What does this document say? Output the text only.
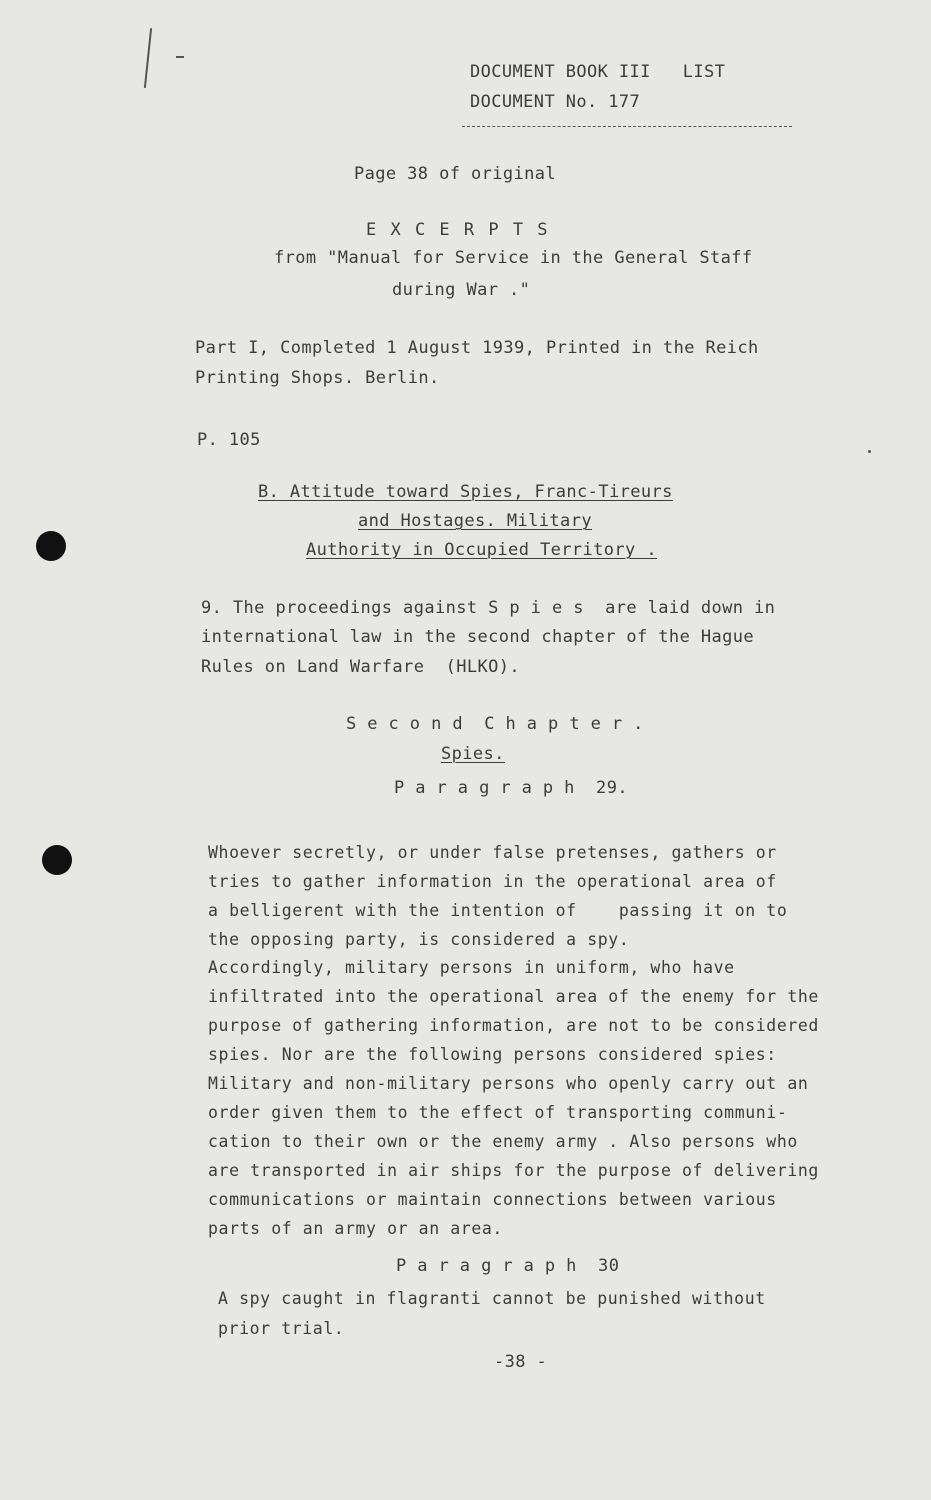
DOCUMENT BOOK III   LIST
DOCUMENT No. 177
Page 38 of original
E X C E R P T S
from "Manual for Service in the General Staff
during War ."
Part I, Completed 1 August 1939, Printed in the Reich
Printing Shops. Berlin.
P. 105
B. Attitude toward Spies, Franc-Tireurs
and Hostages. Military
Authority in Occupied Territory .
9. The proceedings against S p i e s  are laid down in
international law in the second chapter of the Hague
Rules on Land Warfare  (HLKO).
S e c o n d  C h a p t e r .
Spies.
P a r a g r a p h  29.
Whoever secretly, or under false pretenses, gathers or
tries to gather information in the operational area of
a belligerent with the intention of    passing it on to
the opposing party, is considered a spy.
Accordingly, military persons in uniform, who have
infiltrated into the operational area of the enemy for the
purpose of gathering information, are not to be considered
spies. Nor are the following persons considered spies:
Military and non-military persons who openly carry out an
order given them to the effect of transporting communi-
cation to their own or the enemy army . Also persons who
are transported in air ships for the purpose of delivering
communications or maintain connections between various
parts of an army or an area.
P a r a g r a p h  30
A spy caught in flagranti cannot be punished without
prior trial.
-38 -
